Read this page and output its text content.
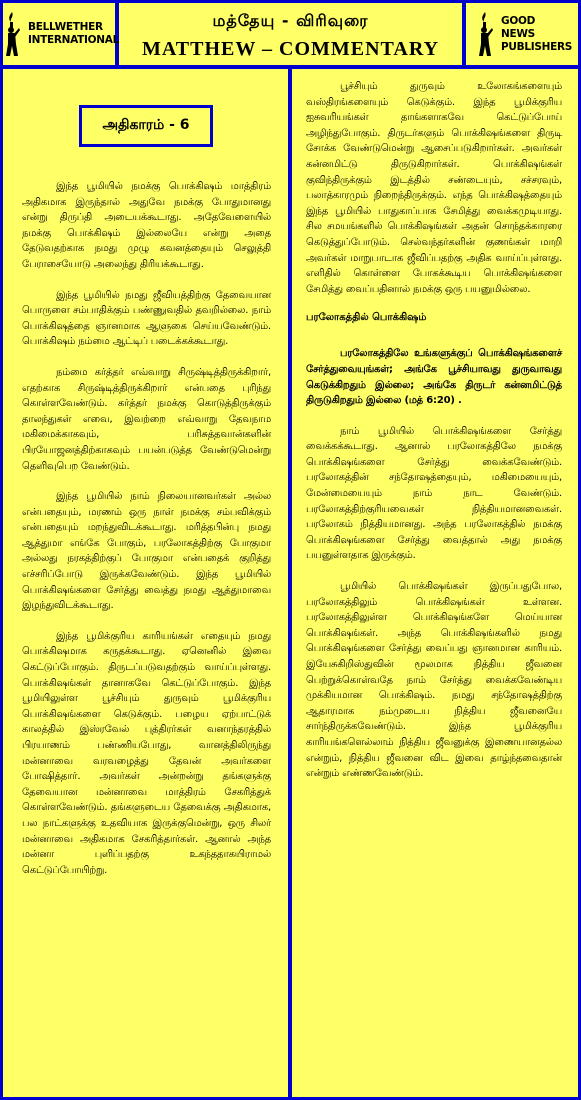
BELLWETHER
INTERNATIONAL
மத்தேயு - விரிவுரை
MATTHEW – COMMENTARY
GOOD NEWS
PUBLISHERS
அதிகாரம் - 6

இந்த பூமியில் நமக்கு பொக்கிஷம் மாத்திரம் அதிகமாக இருந்தால் அதுவே நமக்கு போதுமானது என்று திருப்தி அடையக்கூடாது. அதேவேளையில் நமக்கு பொக்கிஷம் இல்லையே என்று அதை தேடுவதற்காக நமது முழு கவனத்தையும் செலுத்தி பேராசையோடு அலைந்து திரியக்கூடாது.

இந்த பூமியில் நமது ஜீவியத்திற்கு தேவையான பொருளை சம்பாதிக்கும் பண்ணுவதில் தவறில்லை. நாம் பொக்கிஷத்தை ஞானமாக ஆளுகை செய்யவேண்டும். பொக்கிஷம் நம்மை ஆட்டிப் படைக்கக்கூடாது.

நம்மை கர்த்தர் எவ்வாறு சிருஷ்டித்திருக்கிறார், எதற்காக சிருஷ்டித்திருக்கிறார் என்பதை புரிந்து கொள்ளவேண்டும். கர்த்தர் நமக்கு கொடுத்திருக்கும் தாலந்துகள் எவை, இவற்றை எவ்வாறு தேவநாம மகிமைக்காகவும், பரிசுத்தவான்களின் பிரயோஜனத்திற்காகவும் பயன்படுத்த வேண்டுமென்று தெளிவுபெற வேண்டும்.

இந்த பூமியில் நாம் நிலையானவர்கள் அல்ல என்பதையும், மரணம் ஒரு நாள் நமக்கு சம்பவிக்கும் என்பதையும் மறந்துவிடக்கூடாது. மரித்தபின்பு நமது ஆத்துமா எங்கே போகும், பரலோகத்திற்கு போகுமா அல்லது நரகத்திற்குப் போகுமா என்பதைக் குறித்து எச்சரிப்போடு இருக்கவேண்டும். இந்த பூமியில் பொக்கிஷங்களை சேர்த்து வைத்து நமது ஆத்துமாவை இழந்துவிடக்கூடாது.

இந்த பூமிக்குரிய காரியங்கள் எதையும் நமது பொக்கிஷமாக கருதக்கூடாது. ஏனெனில் இவை கெட்டுப்போகும். திருடப்படுவதற்கும் வாய்ப்புள்ளது. பொக்கிஷங்கள் தானாகவே கெட்டுப்போகும். இந்த பூமியிலுள்ள பூச்சியும் துருவும் பூமிக்குரிய பொக்கிஷங்களை கெடுக்கும். பழைய ஏற்பாட்டுக் காலத்தில் இஸ்ரவேல் புத்திரர்கள் வனாந்தரத்தில் பிரயாணம் பண்ணியபோது, வானத்திலிருந்து மன்னாவை வரவழைத்து தேவன் அவர்களை போஷித்தார். அவர்கள் அன்றன்று தங்களுக்கு தேவையான மன்னாவை மாத்திரம் சேகரித்துக் கொள்ளவேண்டும். தங்களுடைய தேவைக்கு அதிகமாக, பல நாட்களுக்கு உதவியாக இருக்குமென்று, ஒரு சிலர் மன்னாவை அதிகமாக சேகரித்தார்கள். ஆனால் அந்த மன்னா புளிப்பதற்கு உகந்ததாகயிராமல் கெட்டுப்போயிற்று.

பூச்சியும் துருவும் உலோகங்களையும் வஸ்திரங்களையும் கெடுக்கும். இந்த பூமிக்குரிய ஐசுவரியங்கள் தாங்களாகவே கெட்டுப்போய் அழிந்துபோகும். திருடர்களும் பொக்கிஷங்களை திருடி சோக்க வேண்டுமென்று ஆசைப்படுகிறார்கள். அவர்கள் கன்னமிட்டு திருடுகிறார்கள். பொக்கிஷங்கள் குவிந்திருக்கும் இடத்தில் சண்டையும், சச்சரவும், பலாத்காரமும் நிறைந்திருக்கும். எந்த பொக்கிஷத்தையும் இந்த பூமியில் பாதுகாப்பாக சேமித்து வைக்கமுடியாது. சில சமயங்களில் பொக்கிஷங்கள் அதன் சொந்தக்காரரை கெடுத்துப்போடும். செல்வந்தர்களின் குணங்கள் மாறி அவர்கள் மாறுபாடாக ஜீவிப்பதற்கு அதிக வாய்ப்புள்ளது. எளிதில் கொள்ளை போகக்கூடிய பொக்கிஷங்களை சேமித்து வைப்பதினால் நமக்கு ஒரு பயனுமில்லை.

பரலோகத்தில் பொக்கிஷம்

பரலோகத்திலே உங்களுக்குப் பொக்கிஷங்களைச் சேர்த்துவையுங்கள்; அங்கே பூச்சியாவது துருவாவது கெடுக்கிறதும் இல்லை; அங்கே திருடர் கன்னமிட்டுத் திருடுகிறதும் இல்லை (மத் 6:20) .

நாம் பூமியில் பொக்கிஷங்களை சேர்த்து வைக்கக்கூடாது. ஆனால் பரலோகத்திலே நமக்கு பொக்கிஷங்களை சேர்த்து வைக்கவேண்டும். பரலோகத்தின் சந்தோஷத்தையும், மகிமையையும், மேன்மையையும் நாம் நாட வேண்டும். பரலோகத்திற்குரியவைகள் நித்தியமானவைகள். பரலோகம் நித்தியமானது. அந்த பரலோகத்தில் நமக்கு பொக்கிஷங்களை சேர்த்து வைத்தால் அது நமக்கு பயனுள்ளதாக இருக்கும்.

பூமியில் பொக்கிஷங்கள் இருப்பதுபோல, பரலோகத்திலும் பொக்கிஷங்கள் உள்ளன. பரலோகத்திலுள்ள பொக்கிஷங்களே மெய்யான பொக்கிஷங்கள். அந்த பொக்கிஷங்களில் நமது பொக்கிஷங்களை சேர்த்து வைப்பது ஞானமான காரியம். இயேசுகிறிஸ்துவின் மூலமாக நித்திய ஜீவனை பெற்றுக்கொள்வதே நாம் சேர்த்து வைக்கவேண்டிய முக்கியமான பொக்கிஷம். நமது சந்தோஷத்திற்கு ஆதாரமாக நம்முடைய நித்திய ஜீவனையே சார்ந்திருக்கவேண்டும். இந்த பூமிக்குரிய காரியங்களெல்லாம் நித்திய ஜீவனுக்கு இணையானதல்ல என்றும், நித்திய ஜீவனை விட இவை தாழ்ந்தவைதான் என்றும் எண்ணவேண்டும்.
